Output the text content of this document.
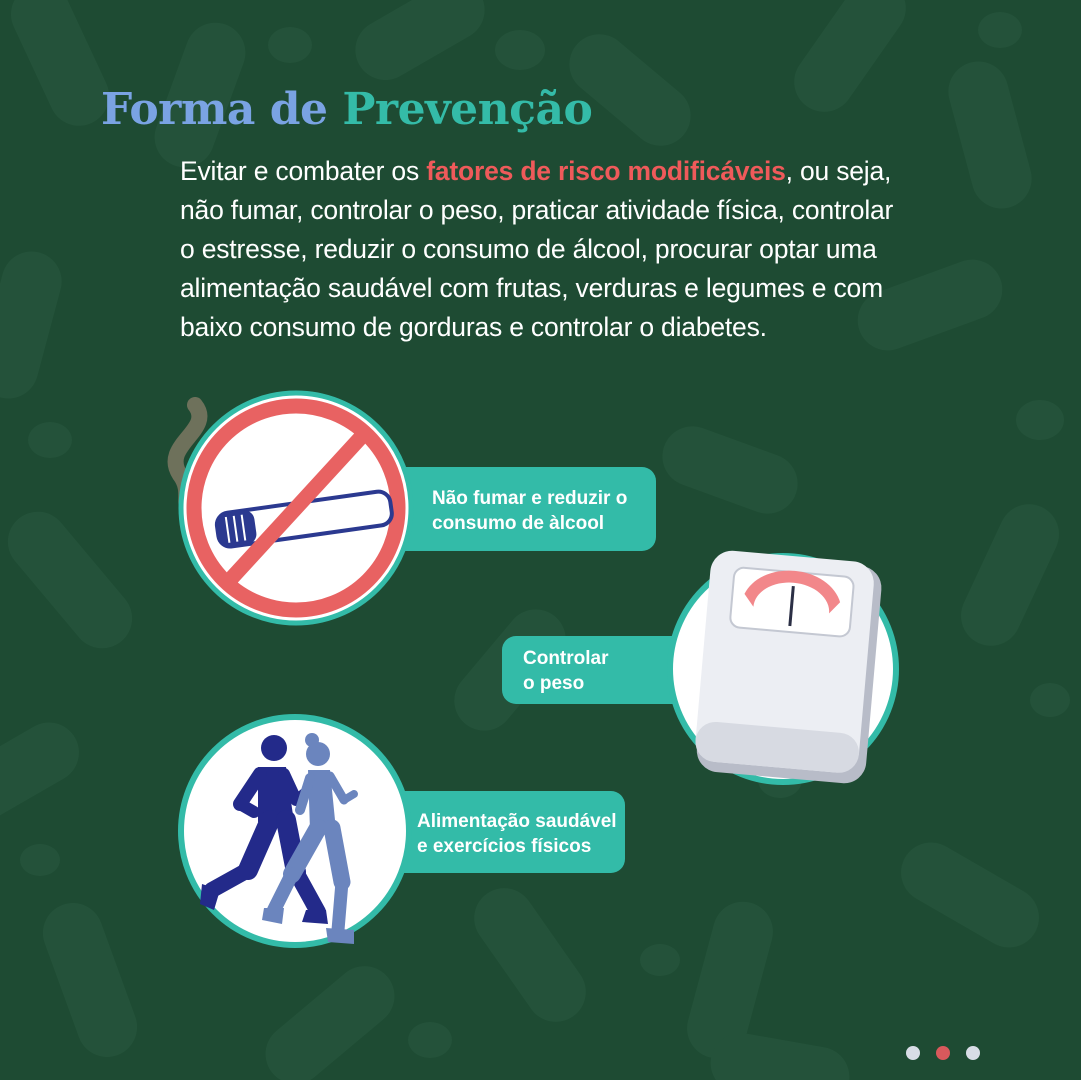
Forma de Prevenção

Evitar e combater os fatores de risco modificáveis, ou seja, não fumar, controlar o peso, praticar atividade física, controlar o estresse, reduzir o consumo de álcool, procurar optar uma alimentação saudável com frutas, verduras e legumes e com baixo consumo de gorduras e controlar o diabetes.

Não fumar e reduzir o
consumo de àlcool
Controlar
o peso
Alimentação saudável
e exercícios físicos
